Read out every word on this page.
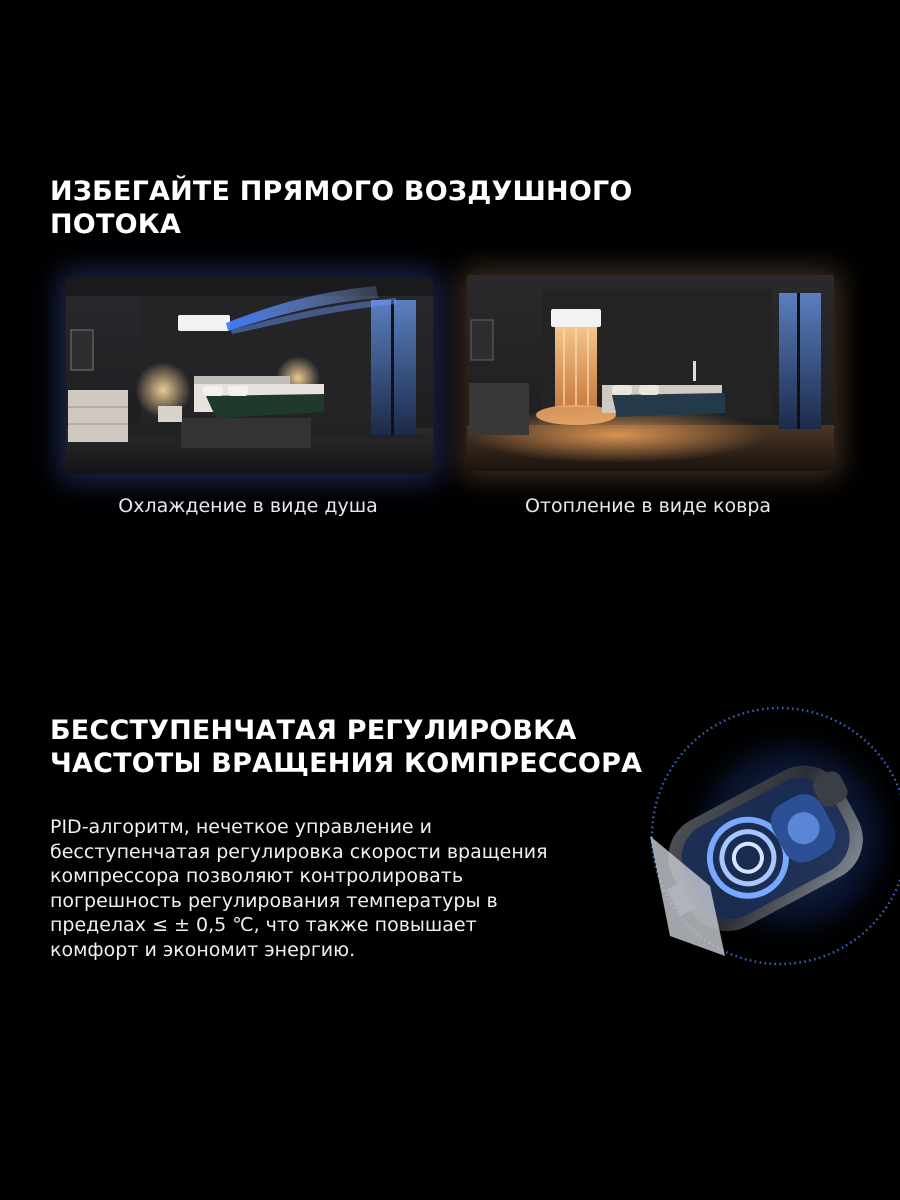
ИЗБЕГАЙТЕ ПРЯМОГО ВОЗДУШНОГО
ПОТОКА
Охлаждение в виде душа	Отопление в виде ковра
БЕССТУПЕНЧАТАЯ РЕГУЛИРОВКА
ЧАСТОТЫ ВРАЩЕНИЯ КОМПРЕССОРА

PID-алгоритм, нечеткое управление и бесступенчатая регулировка скорости вращения компрессора позволяют контролировать погрешность регулирования температуры в пределах ≤ ± 0,5 ℃, что также повышает комфорт и экономит энергию.
